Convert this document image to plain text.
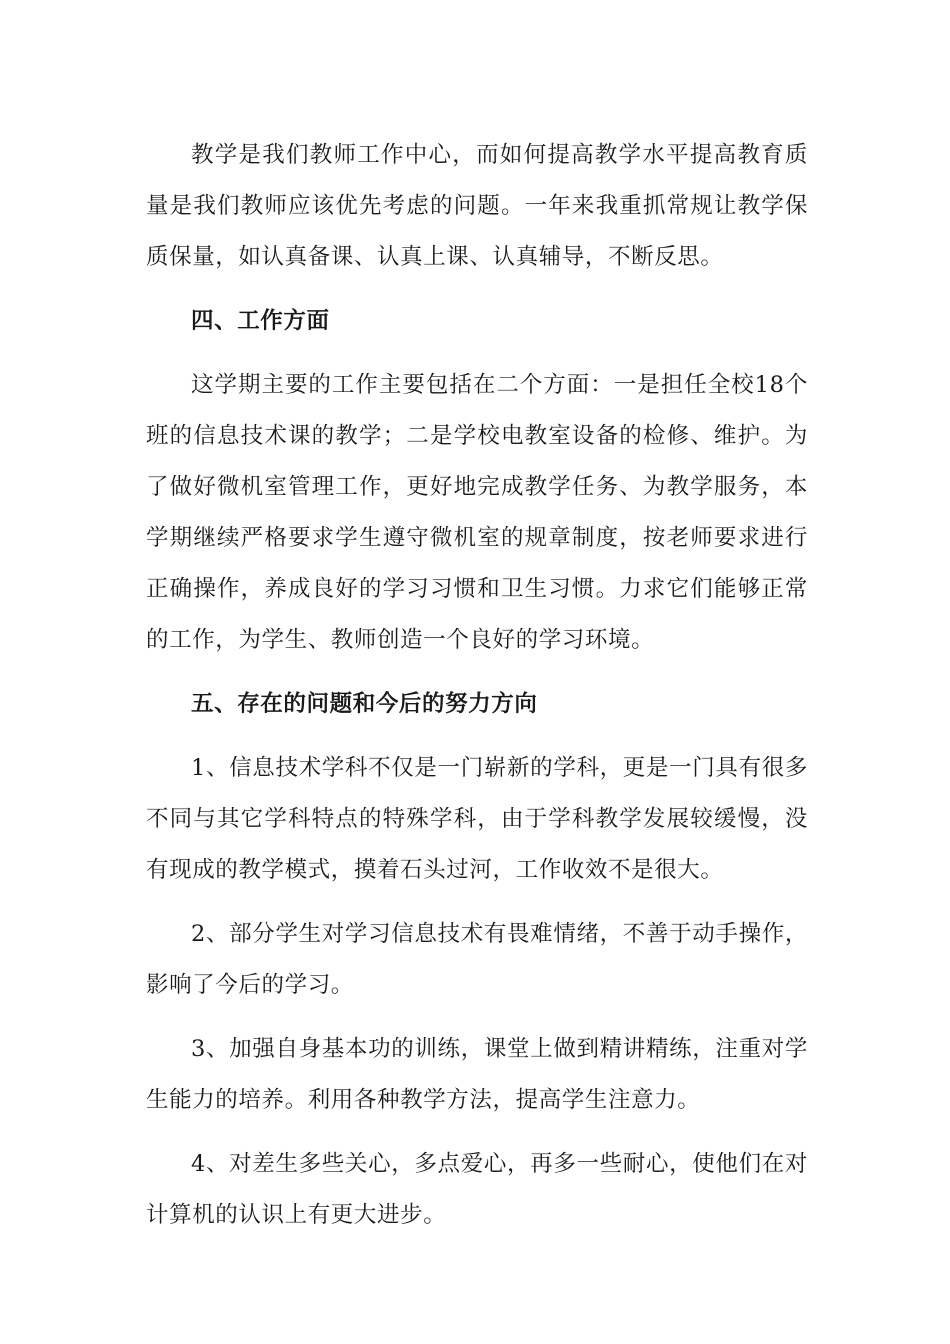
教学是我们教师工作中心，而如何提高教学水平提高教育质量是我们教师应该优先考虑的问题。一年来我重抓常规让教学保质保量，如认真备课、认真上课、认真辅导，不断反思。

四、工作方面

这学期主要的工作主要包括在二个方面：一是担任全校18个班的信息技术课的教学；二是学校电教室设备的检修、维护。为了做好微机室管理工作，更好地完成教学任务、为教学服务，本学期继续严格要求学生遵守微机室的规章制度，按老师要求进行正确操作，养成良好的学习习惯和卫生习惯。力求它们能够正常的工作，为学生、教师创造一个良好的学习环境。

五、存在的问题和今后的努力方向

1、信息技术学科不仅是一门崭新的学科，更是一门具有很多不同与其它学科特点的特殊学科，由于学科教学发展较缓慢，没有现成的教学模式，摸着石头过河，工作收效不是很大。

2、部分学生对学习信息技术有畏难情绪，不善于动手操作，影响了今后的学习。

3、加强自身基本功的训练，课堂上做到精讲精练，注重对学生能力的培养。利用各种教学方法，提高学生注意力。

4、对差生多些关心，多点爱心，再多一些耐心，使他们在对计算机的认识上有更大进步。
